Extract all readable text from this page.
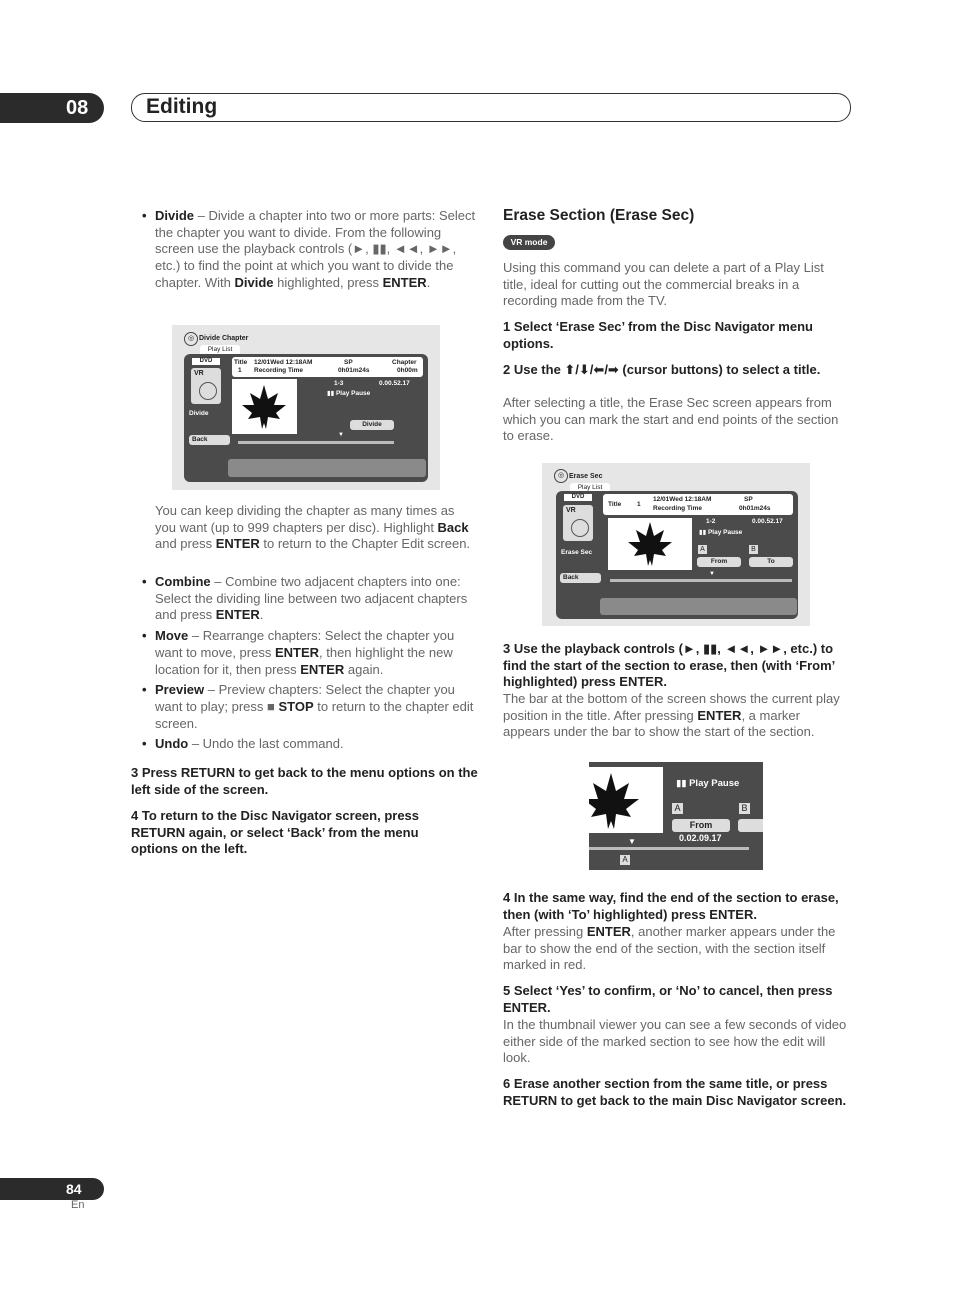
08	Editing
• Divide – Divide a chapter into two or more parts: Select the chapter you want to divide. From the following screen use the playback controls (►, ▮▮, ◄◄, ►►, etc.) to find the point at which you want to divide the chapter. With Divide highlighted, press ENTER.
◎ Divide Chapter
Play List
DVD
VR
Title
1
12/01Wed 12:18AM
Recording Time
SP
0h01m24s
Chapter
0h00m
1-3	0.00.52.17
▮▮ Play Pause
Divide
Back
Divide
▼
You can keep dividing the chapter as many times as you want (up to 999 chapters per disc). Highlight Back and press ENTER to return to the Chapter Edit screen.
• Combine – Combine two adjacent chapters into one: Select the dividing line between two adjacent chapters and press ENTER.
• Move – Rearrange chapters: Select the chapter you want to move, press ENTER, then highlight the new location for it, then press ENTER again.
• Preview – Preview chapters: Select the chapter you want to play; press ■ STOP to return to the chapter edit screen.
• Undo – Undo the last command.
3 Press RETURN to get back to the menu options on the left side of the screen.
4 To return to the Disc Navigator screen, press RETURN again, or select ‘Back’ from the menu options on the left.
Erase Section (Erase Sec)
VR mode
Using this command you can delete a part of a Play List title, ideal for cutting out the commercial breaks in a recording made from the TV.
1 Select ‘Erase Sec’ from the Disc Navigator menu options.
2 Use the ⬆/⬇/⬅/➡ (cursor buttons) to select a title.
After selecting a title, the Erase Sec screen appears from which you can mark the start and end points of the section to erase.
◎ Erase Sec
Play List
DVD
VR
Title 1
12/01Wed 12:18AM
Recording Time
SP
0h01m24s
1-2	0.00.52.17
▮▮ Play Pause
Erase Sec
Back
A	B
From	To
▼
3 Use the playback controls (►, ▮▮, ◄◄, ►►, etc.) to find the start of the section to erase, then (with ‘From’ highlighted) press ENTER.
The bar at the bottom of the screen shows the current play position in the title. After pressing ENTER, a marker appears under the bar to show the start of the section.
▮▮ Play Pause
A	B
From
0.02.09.17
▼
A
4 In the same way, find the end of the section to erase, then (with ‘To’ highlighted) press ENTER.
After pressing ENTER, another marker appears under the bar to show the end of the section, with the section itself marked in red.
5 Select ‘Yes’ to confirm, or ‘No’ to cancel, then press ENTER.
In the thumbnail viewer you can see a few seconds of video either side of the marked section to see how the edit will look.
6 Erase another section from the same title, or press RETURN to get back to the main Disc Navigator screen.
84
En
